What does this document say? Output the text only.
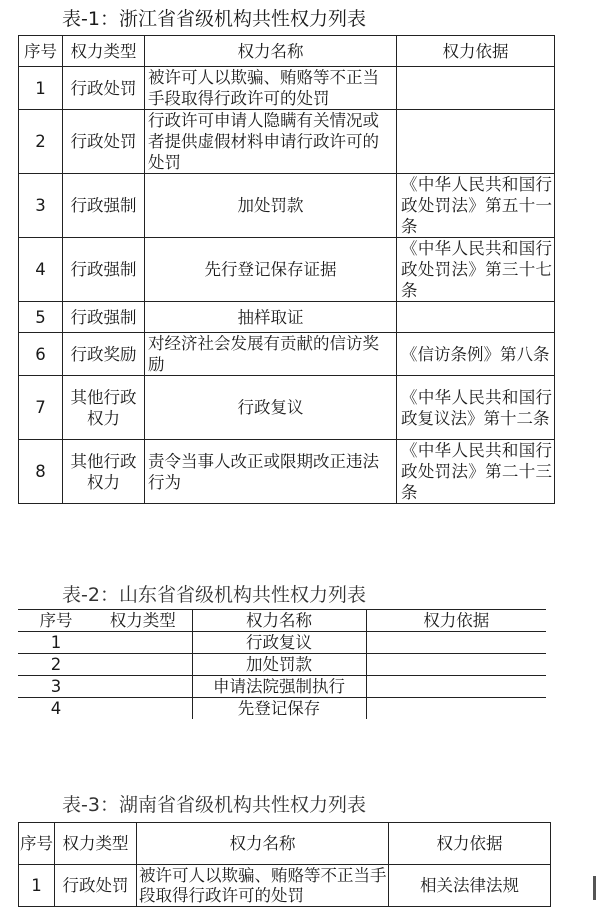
表-1：浙江省省级机构共性权力列表
序号	权力类型	权力名称	权力依据
1	行政处罚	被许可人以欺骗、贿赂等不正当手段取得行政许可的处罚	
2	行政处罚	行政许可申请人隐瞒有关情况或者提供虚假材料申请行政许可的处罚	
3	行政强制	加处罚款	《中华人民共和国行政处罚法》第五十一条
4	行政强制	先行登记保存证据	《中华人民共和国行政处罚法》第三十七条
5	行政强制	抽样取证	
6	行政奖励	对经济社会发展有贡献的信访奖励	《信访条例》第八条
7	其他行政权力	行政复议	《中华人民共和国行政复议法》第十二条
8	其他行政权力	责令当事人改正或限期改正违法行为	《中华人民共和国行政处罚法》第二十三条
表-2：山东省省级机构共性权力列表
序号	权力类型	权力名称	权力依据
1		行政复议	
2		加处罚款	
3		申请法院强制执行	
4		先登记保存	
表-3：湖南省省级机构共性权力列表
序号	权力类型	权力名称	权力依据
1	行政处罚	被许可人以欺骗、贿赂等不正当手段取得行政许可的处罚	相关法律法规
